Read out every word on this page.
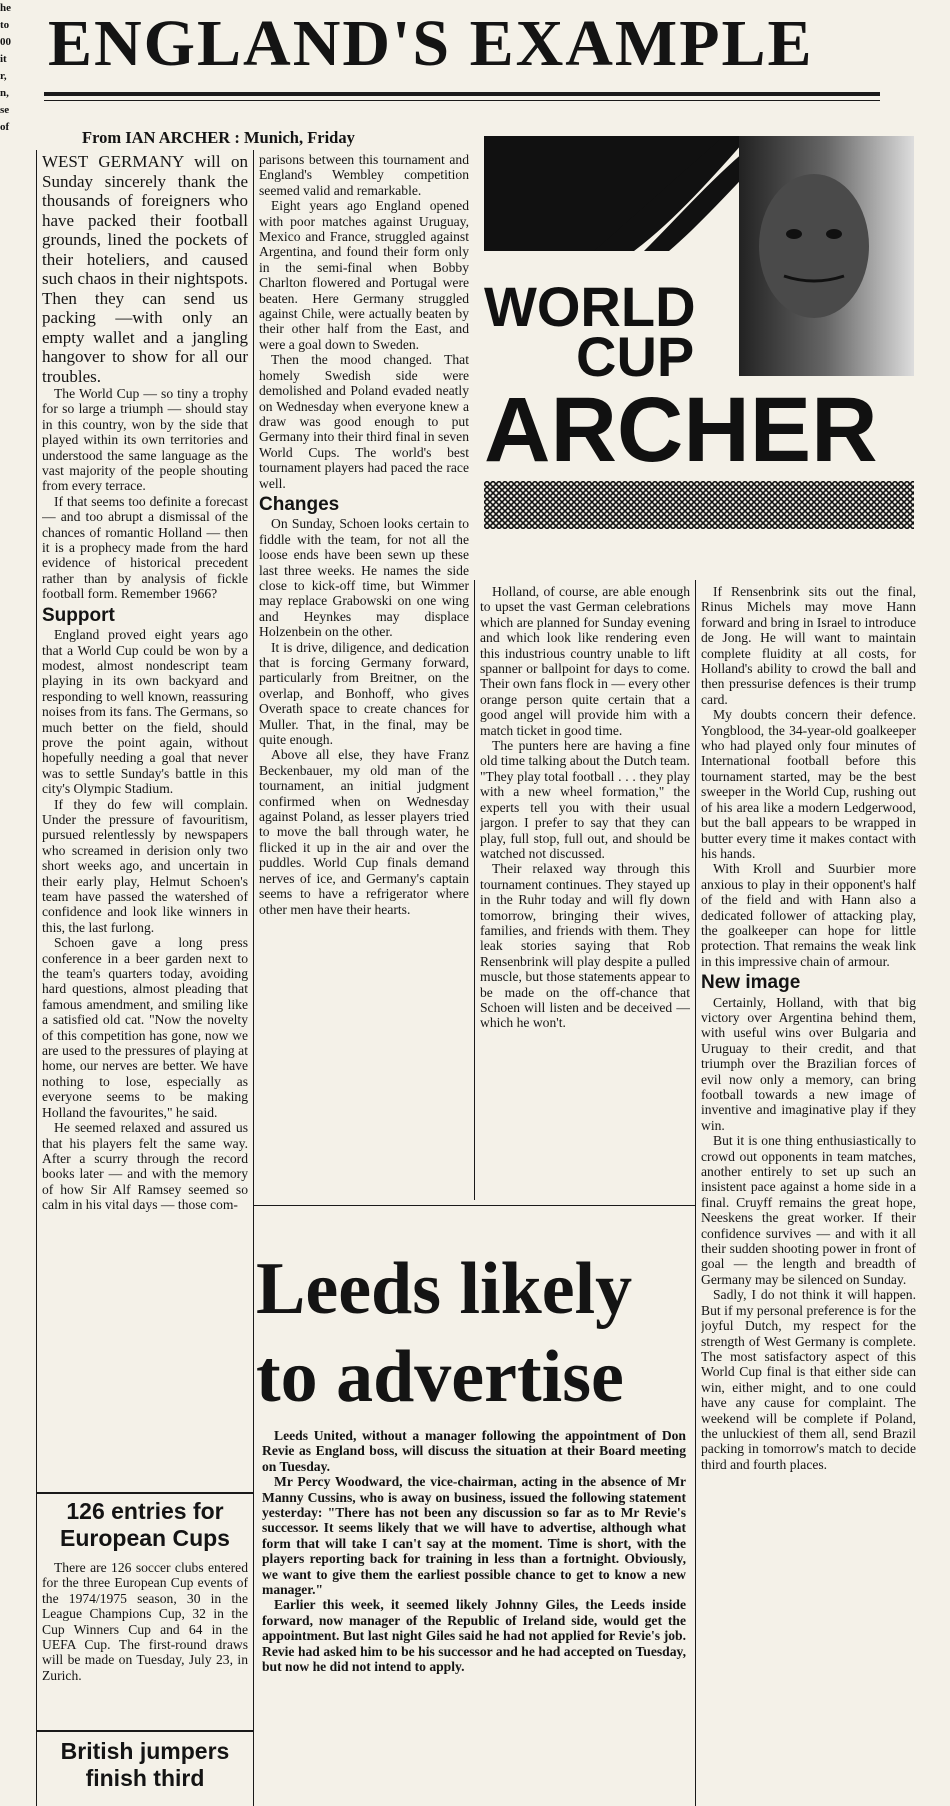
he
to
00
it
r,
n,
se
of
ENGLAND'S EXAMPLE
From IAN ARCHER : Munich, Friday
WORLD
CUP
ARCHER

WEST GERMANY will on Sunday sincerely thank the thousands of foreigners who have packed their football grounds, lined the pockets of their hoteliers, and caused such chaos in their nightspots. Then they can send us packing —with only an empty wallet and a jangling hangover to show for all our troubles.

The World Cup — so tiny a trophy for so large a triumph — should stay in this country, won by the side that played within its own territories and understood the same language as the vast majority of the people shouting from every terrace.

If that seems too definite a forecast — and too abrupt a dismissal of the chances of romantic Holland — then it is a prophecy made from the hard evidence of historical precedent rather than by analysis of fickle football form. Remember 1966?

Support

England proved eight years ago that a World Cup could be won by a modest, almost nondescript team playing in its own backyard and responding to well known, reassuring noises from its fans. The Germans, so much better on the field, should prove the point again, without hopefully needing a goal that never was to settle Sunday's battle in this city's Olympic Stadium.

If they do few will complain. Under the pressure of favouritism, pursued relentlessly by newspapers who screamed in derision only two short weeks ago, and uncertain in their early play, Helmut Schoen's team have passed the watershed of confidence and look like winners in this, the last furlong.

Schoen gave a long press conference in a beer garden next to the team's quarters today, avoiding hard questions, almost pleading that famous amendment, and smiling like a satisfied old cat. "Now the novelty of this competition has gone, now we are used to the pressures of playing at home, our nerves are better. We have nothing to lose, especially as everyone seems to be making Holland the favourites," he said.

He seemed relaxed and assured us that his players felt the same way. After a scurry through the record books later — and with the memory of how Sir Alf Ramsey seemed so calm in his vital days — those com-

126 entries for European Cups

There are 126 soccer clubs entered for the three European Cup events of the 1974/1975 season, 30 in the League Champions Cup, 32 in the Cup Winners Cup and 64 in the UEFA Cup. The first-round draws will be made on Tuesday, July 23, in Zurich.

British jumpers finish third

parisons between this tournament and England's Wembley competition seemed valid and remarkable.

Eight years ago England opened with poor matches against Uruguay, Mexico and France, struggled against Argentina, and found their form only in the semi-final when Bobby Charlton flowered and Portugal were beaten. Here Germany struggled against Chile, were actually beaten by their other half from the East, and were a goal down to Sweden.

Then the mood changed. That homely Swedish side were demolished and Poland evaded neatly on Wednesday when everyone knew a draw was good enough to put Germany into their third final in seven World Cups. The world's best tournament players had paced the race well.

Changes

On Sunday, Schoen looks certain to fiddle with the team, for not all the loose ends have been sewn up these last three weeks. He names the side close to kick-off time, but Wimmer may replace Grabowski on one wing and Heynkes may displace Holzenbein on the other.

It is drive, diligence, and dedication that is forcing Germany forward, particularly from Breitner, on the overlap, and Bonhoff, who gives Overath space to create chances for Muller. That, in the final, may be quite enough.

Above all else, they have Franz Beckenbauer, my old man of the tournament, an initial judgment confirmed when on Wednesday against Poland, as lesser players tried to move the ball through water, he flicked it up in the air and over the puddles. World Cup finals demand nerves of ice, and Germany's captain seems to have a refrigerator where other men have their hearts.

Holland, of course, are able enough to upset the vast German celebrations which are planned for Sunday evening and which look like rendering even this industrious country unable to lift spanner or ballpoint for days to come. Their own fans flock in — every other orange person quite certain that a good angel will provide him with a match ticket in good time.

The punters here are having a fine old time talking about the Dutch team. "They play total football . . . they play with a new wheel formation," the experts tell you with their usual jargon. I prefer to say that they can play, full stop, full out, and should be watched not discussed.

Their relaxed way through this tournament continues. They stayed up in the Ruhr today and will fly down tomorrow, bringing their wives, families, and friends with them. They leak stories saying that Rob Rensenbrink will play despite a pulled muscle, but those statements appear to be made on the off-chance that Schoen will listen and be deceived — which he won't.

If Rensenbrink sits out the final, Rinus Michels may move Hann forward and bring in Israel to introduce de Jong. He will want to maintain complete fluidity at all costs, for Holland's ability to crowd the ball and then pressurise defences is their trump card.

My doubts concern their defence. Yongblood, the 34-year-old goalkeeper who had played only four minutes of International football before this tournament started, may be the best sweeper in the World Cup, rushing out of his area like a modern Ledgerwood, but the ball appears to be wrapped in butter every time it makes contact with his hands.

With Kroll and Suurbier more anxious to play in their opponent's half of the field and with Hann also a dedicated follower of attacking play, the goalkeeper can hope for little protection. That remains the weak link in this impressive chain of armour.

New image

Certainly, Holland, with that big victory over Argentina behind them, with useful wins over Bulgaria and Uruguay to their credit, and that triumph over the Brazilian forces of evil now only a memory, can bring football towards a new image of inventive and imaginative play if they win.

But it is one thing enthusiastically to crowd out opponents in team matches, another entirely to set up such an insistent pace against a home side in a final. Cruyff remains the great hope, Neeskens the great worker. If their confidence survives — and with it all their sudden shooting power in front of goal — the length and breadth of Germany may be silenced on Sunday.

Sadly, I do not think it will happen. But if my personal preference is for the joyful Dutch, my respect for the strength of West Germany is complete. The most satisfactory aspect of this World Cup final is that either side can win, either might, and to one could have any cause for complaint. The weekend will be complete if Poland, the unluckiest of them all, send Brazil packing in tomorrow's match to decide third and fourth places.

Leeds likely to advertise

Leeds United, without a manager following the appointment of Don Revie as England boss, will discuss the situation at their Board meeting on Tuesday.

Mr Percy Woodward, the vice-chairman, acting in the absence of Mr Manny Cussins, who is away on business, issued the following statement yesterday: "There has not been any discussion so far as to Mr Revie's successor. It seems likely that we will have to advertise, although what form that will take I can't say at the moment. Time is short, with the players reporting back for training in less than a fortnight. Obviously, we want to give them the earliest possible chance to get to know a new manager."

Earlier this week, it seemed likely Johnny Giles, the Leeds inside forward, now manager of the Republic of Ireland side, would get the appointment. But last night Giles said he had not applied for Revie's job. Revie had asked him to be his successor and he had accepted on Tuesday, but now he did not intend to apply.
